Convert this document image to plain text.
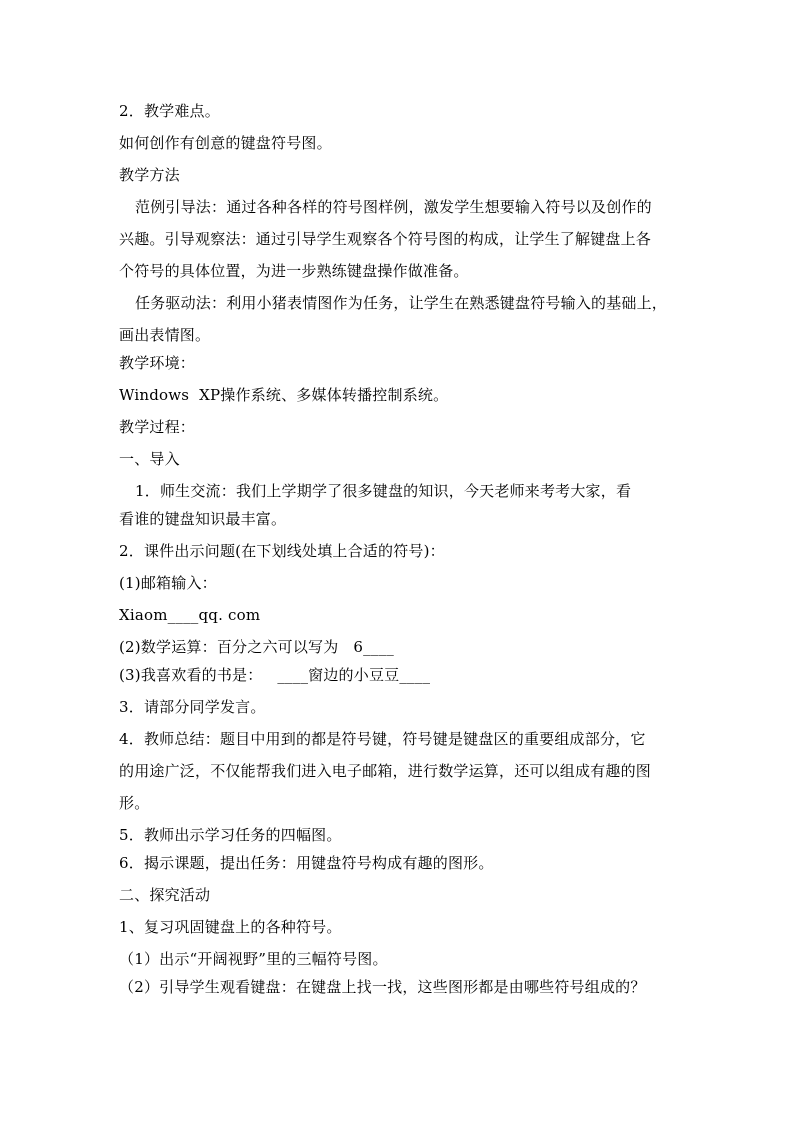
2．教学难点。
如何创作有创意的键盘符号图。
教学方法
范例引导法：通过各种各样的符号图样例，激发学生想要输入符号以及创作的
兴趣。引导观察法：通过引导学生观察各个符号图的构成，让学生了解键盘上各
个符号的具体位置，为进一步熟练键盘操作做准备。
任务驱动法：利用小猪表情图作为任务，让学生在熟悉键盘符号输入的基础上，
画出表情图。
教学环境：
Windows  XP操作系统、多媒体转播控制系统。
教学过程：
一、导入
1．师生交流：我们上学期学了很多键盘的知识，今天老师来考考大家，看
看谁的键盘知识最丰富。
2．课件出示问题(在下划线处填上合适的符号)：
(1)邮箱输入：
Xiaom____qq. com
(2)数学运算：百分之六可以写为   6____
(3)我喜欢看的书是：   ____窗边的小豆豆____
3．请部分同学发言。
4．教师总结：题目中用到的都是符号键，符号键是键盘区的重要组成部分，它
的用途广泛，不仅能帮我们进入电子邮箱，进行数学运算，还可以组成有趣的图
形。
5．教师出示学习任务的四幅图。
6．揭示课题，提出任务：用键盘符号构成有趣的图形。
二、探究活动
1、复习巩固键盘上的各种符号。
（1）出示“开阔视野”里的三幅符号图。
（2）引导学生观看键盘：在键盘上找一找，这些图形都是由哪些符号组成的？
